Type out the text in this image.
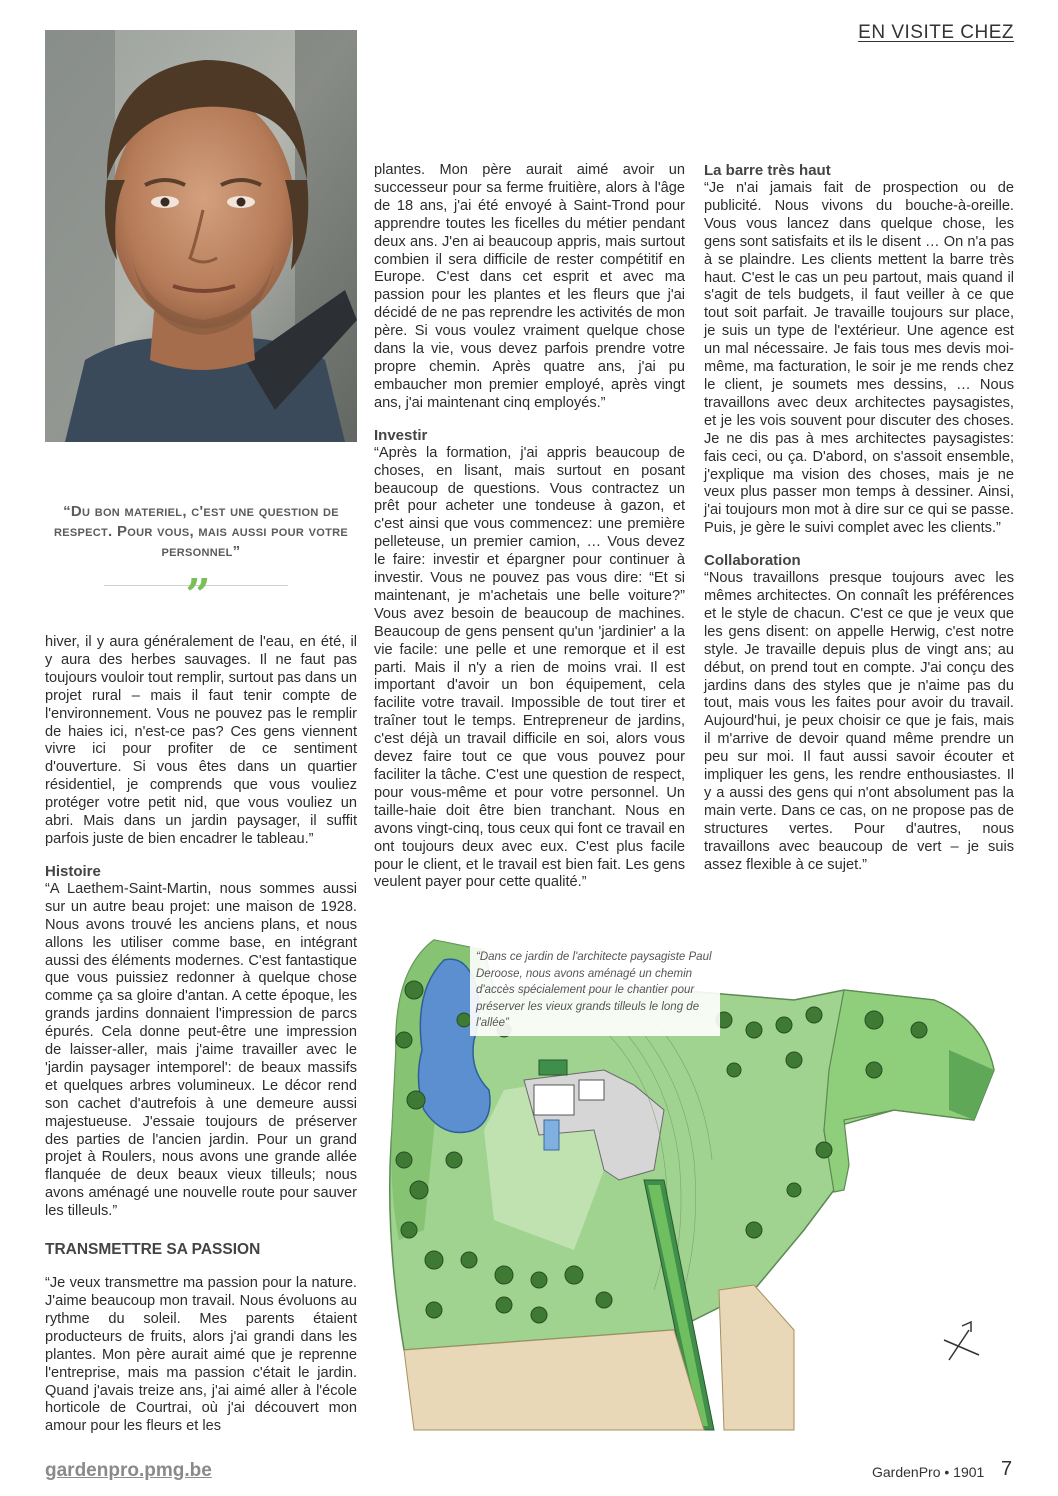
EN VISITE CHEZ
“Du bon materiel, c'est une question de respect. Pour vous, mais aussi pour votre personnel”
”

hiver, il y aura généralement de l'eau, en été, il y aura des herbes sauvages. Il ne faut pas toujours vouloir tout remplir, surtout pas dans un projet rural – mais il faut tenir compte de l'environnement. Vous ne pouvez pas le remplir de haies ici, n'est-ce pas? Ces gens viennent vivre ici pour profiter de ce sentiment d'ouverture. Si vous êtes dans un quartier résidentiel, je comprends que vous vouliez protéger votre petit nid, que vous vouliez un abri. Mais dans un jardin paysager, il suffit parfois juste de bien encadrer le tableau.”

Histoire

“A Laethem-Saint-Martin, nous sommes aussi sur un autre beau projet: une maison de 1928. Nous avons trouvé les anciens plans, et nous allons les utiliser comme base, en intégrant aussi des éléments modernes. C'est fantastique que vous puissiez redonner à quelque chose comme ça sa gloire d'antan. A cette époque, les grands jardins donnaient l'impression de parcs épurés. Cela donne peut-être une impression de laisser-aller, mais j'aime travailler avec le 'jardin paysager intemporel': de beaux massifs et quelques arbres volumineux. Le décor rend son cachet d'autrefois à une demeure aussi majestueuse. J'essaie toujours de préserver des parties de l'ancien jardin. Pour un grand projet à Roulers, nous avons une grande allée flanquée de deux beaux vieux tilleuls; nous avons aménagé une nouvelle route pour sauver les tilleuls.”

TRANSMETTRE SA PASSION

“Je veux transmettre ma passion pour la nature. J'aime beaucoup mon travail. Nous évoluons au rythme du soleil. Mes parents étaient producteurs de fruits, alors j'ai grandi dans les plantes. Mon père aurait aimé que je reprenne l'entreprise, mais ma passion c'était le jardin. Quand j'avais treize ans, j'ai aimé aller à l'école horticole de Courtrai, où j'ai découvert mon amour pour les fleurs et les

plantes. Mon père aurait aimé avoir un successeur pour sa ferme fruitière, alors à l'âge de 18 ans, j'ai été envoyé à Saint-Trond pour apprendre toutes les ficelles du métier pendant deux ans. J'en ai beaucoup appris, mais surtout combien il sera difficile de rester compétitif en Europe. C'est dans cet esprit et avec ma passion pour les plantes et les fleurs que j'ai décidé de ne pas reprendre les activités de mon père. Si vous voulez vraiment quelque chose dans la vie, vous devez parfois prendre votre propre chemin. Après quatre ans, j'ai pu embaucher mon premier employé, après vingt ans, j'ai maintenant cinq employés.”

Investir

“Après la formation, j'ai appris beaucoup de choses, en lisant, mais surtout en posant beaucoup de questions. Vous contractez un prêt pour acheter une tondeuse à gazon, et c'est ainsi que vous commencez: une première pelleteuse, un premier camion, … Vous devez le faire: investir et épargner pour continuer à investir. Vous ne pouvez pas vous dire: “Et si maintenant, je m'achetais une belle voiture?” Vous avez besoin de beaucoup de machines. Beaucoup de gens pensent qu'un 'jardinier' a la vie facile: une pelle et une remorque et il est parti. Mais il n'y a rien de moins vrai. Il est important d'avoir un bon équipement, cela facilite votre travail. Impossible de tout tirer et traîner tout le temps. Entrepreneur de jardins, c'est déjà un travail difficile en soi, alors vous devez faire tout ce que vous pouvez pour faciliter la tâche. C'est une question de respect, pour vous-même et pour votre personnel. Un taille-haie doit être bien tranchant. Nous en avons vingt-cinq, tous ceux qui font ce travail en ont toujours deux avec eux. C'est plus facile pour le client, et le travail est bien fait. Les gens veulent payer pour cette qualité.”

La barre très haut

“Je n'ai jamais fait de prospection ou de publicité. Nous vivons du bouche-à-oreille. Vous vous lancez dans quelque chose, les gens sont satisfaits et ils le disent … On n'a pas à se plaindre. Les clients mettent la barre très haut. C'est le cas un peu partout, mais quand il s'agit de tels budgets, il faut veiller à ce que tout soit parfait. Je travaille toujours sur place, je suis un type de l'extérieur. Une agence est un mal nécessaire. Je fais tous mes devis moi-même, ma facturation, le soir je me rends chez le client, je soumets mes dessins, … Nous travaillons avec deux architectes paysagistes, et je les vois souvent pour discuter des choses. Je ne dis pas à mes architectes paysagistes: fais ceci, ou ça. D'abord, on s'assoit ensemble, j'explique ma vision des choses, mais je ne veux plus passer mon temps à dessiner. Ainsi, j'ai toujours mon mot à dire sur ce qui se passe. Puis, je gère le suivi complet avec les clients.”

Collaboration

“Nous travaillons presque toujours avec les mêmes architectes. On connaît les préférences et le style de chacun. C'est ce que je veux que les gens disent: on appelle Herwig, c'est notre style. Je travaille depuis plus de vingt ans; au début, on prend tout en compte. J'ai conçu des jardins dans des styles que je n'aime pas du tout, mais vous les faites pour avoir du travail. Aujourd'hui, je peux choisir ce que je fais, mais il m'arrive de devoir quand même prendre un peu sur moi. Il faut aussi savoir écouter et impliquer les gens, les rendre enthousiastes. Il y a aussi des gens qui n'ont absolument pas la main verte. Dans ce cas, on ne propose pas de structures vertes. Pour d'autres, nous travaillons avec beaucoup de vert – je suis assez flexible à ce sujet.”

“Dans ce jardin de l'architecte paysagiste Paul Deroose, nous avons aménagé un chemin d'accès spécialement pour le chantier pour préserver les vieux grands tilleuls le long de l'allée”
gardenpro.pmg.be	GardenPro • 1901 7
